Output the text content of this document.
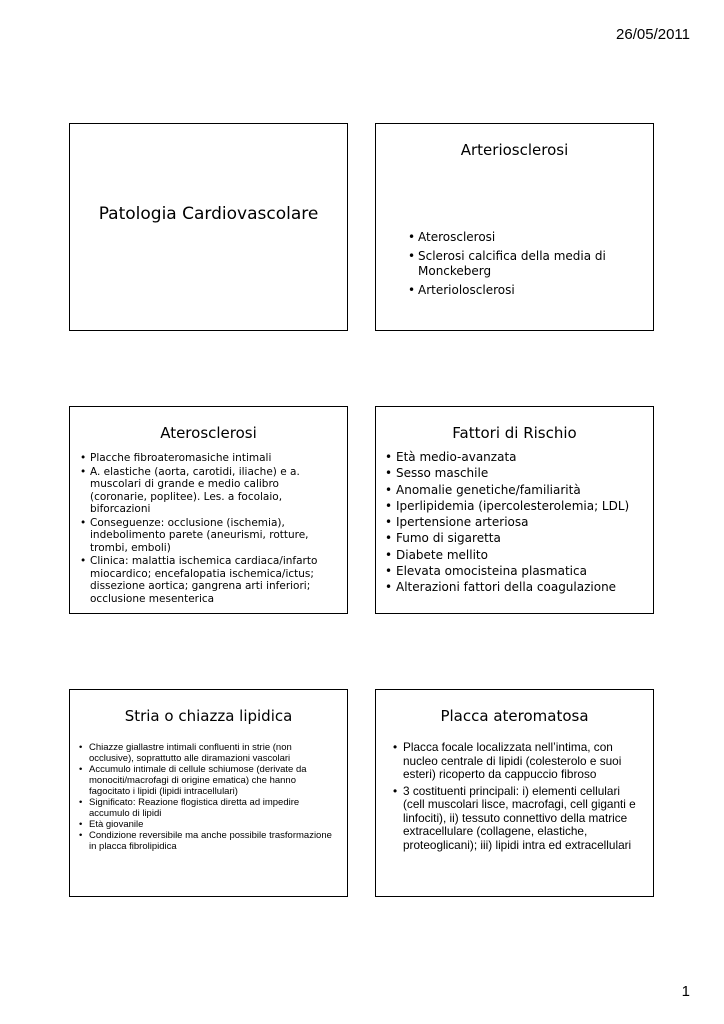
26/05/2011
Patologia Cardiovascolare
Arteriosclerosi
• Aterosclerosi
• Sclerosi calcifica della media di Monckeberg
• Arteriolosclerosi
Aterosclerosi
• Placche fibroateromasiche intimali
• A. elastiche (aorta, carotidi, iliache) e a. muscolari di grande e medio calibro (coronarie, poplitee). Les. a focolaio, biforcazioni
• Conseguenze: occlusione (ischemia), indebolimento parete (aneurismi, rotture, trombi, emboli)
• Clinica: malattia ischemica cardiaca/infarto miocardico; encefalopatia ischemica/ictus; dissezione aortica; gangrena arti inferiori; occlusione mesenterica
Fattori di Rischio
• Età medio-avanzata
• Sesso maschile
• Anomalie genetiche/familiarità
• Iperlipidemia (ipercolesterolemia; LDL)
• Ipertensione arteriosa
• Fumo di sigaretta
• Diabete mellito
• Elevata omocisteina plasmatica
• Alterazioni fattori della coagulazione
Stria o chiazza lipidica
• Chiazze giallastre intimali confluenti in strie (non occlusive), soprattutto alle diramazioni vascolari
• Accumulo intimale di cellule schiumose (derivate da monociti/macrofagi di origine ematica) che hanno fagocitato i lipidi (lipidi intracellulari)
• Significato: Reazione flogistica diretta ad impedire accumulo di lipidi
• Età giovanile
• Condizione reversibile ma anche possibile trasformazione in placca fibrolipidica
Placca ateromatosa
• Placca focale localizzata nell’intima, con nucleo centrale di lipidi (colesterolo e suoi esteri) ricoperto da cappuccio fibroso
• 3 costituenti principali: i) elementi cellulari (cell muscolari lisce, macrofagi, cell giganti e linfociti), ii) tessuto connettivo della matrice extracellulare (collagene, elastiche, proteoglicani); iii) lipidi intra ed extracellulari
1
